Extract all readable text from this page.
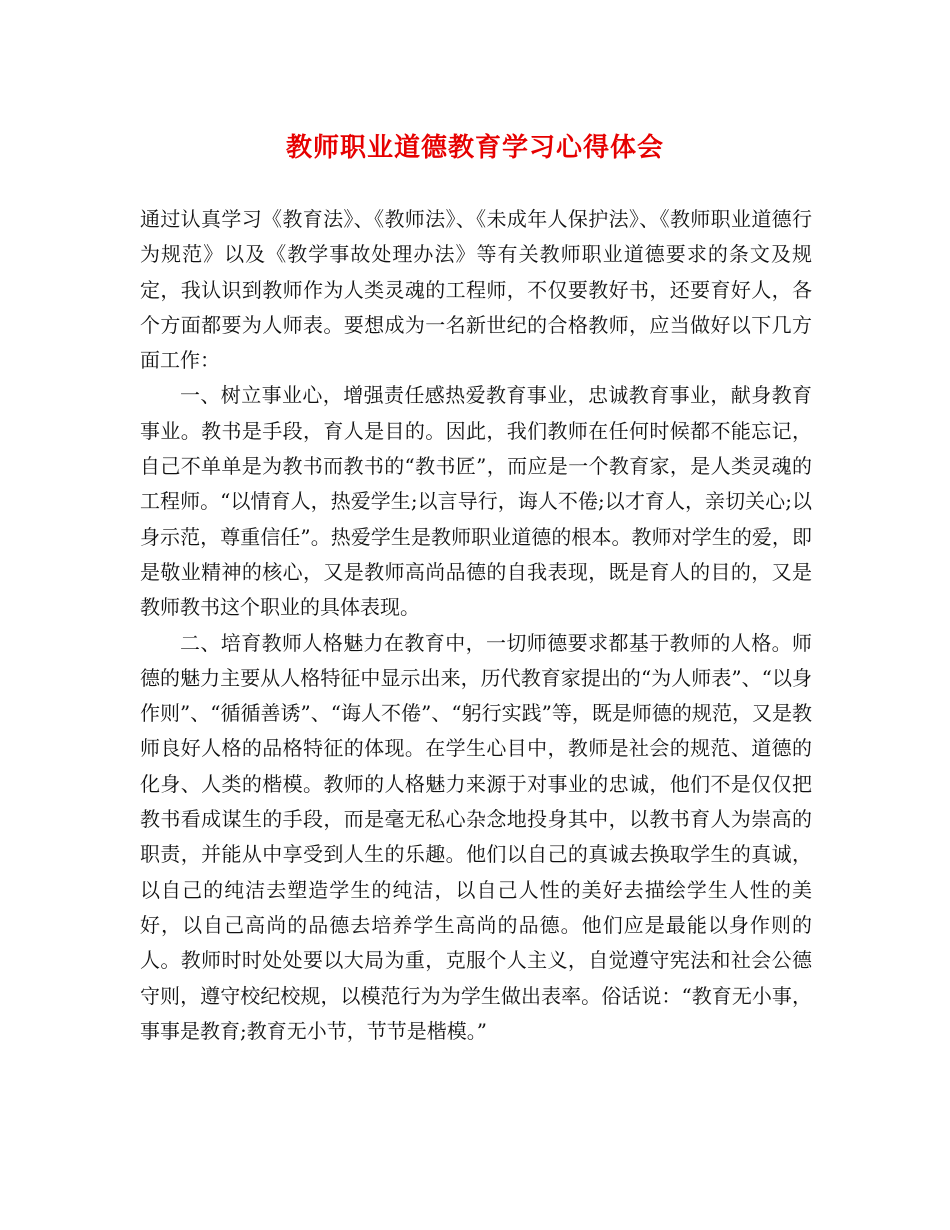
教师职业道德教育学习心得体会

通过认真学习《教育法》、《教师法》、《未成年人保护法》、《教师职业道德行为规范》以及《教学事故处理办法》等有关教师职业道德要求的条文及规定，我认识到教师作为人类灵魂的工程师，不仅要教好书，还要育好人，各个方面都要为人师表。要想成为一名新世纪的合格教师，应当做好以下几方面工作：

一、树立事业心，增强责任感热爱教育事业，忠诚教育事业，献身教育事业。教书是手段，育人是目的。因此，我们教师在任何时候都不能忘记，自己不单单是为教书而教书的“教书匠”，而应是一个教育家，是人类灵魂的工程师。“以情育人，热爱学生;以言导行，诲人不倦;以才育人，亲切关心;以身示范，尊重信任”。热爱学生是教师职业道德的根本。教师对学生的爱，即是敬业精神的核心，又是教师高尚品德的自我表现，既是育人的目的，又是教师教书这个职业的具体表现。

二、培育教师人格魅力在教育中，一切师德要求都基于教师的人格。师德的魅力主要从人格特征中显示出来，历代教育家提出的“为人师表”、“以身作则”、“循循善诱”、“诲人不倦”、“躬行实践”等，既是师德的规范，又是教师良好人格的品格特征的体现。在学生心目中，教师是社会的规范、道德的化身、人类的楷模。教师的人格魅力来源于对事业的忠诚，他们不是仅仅把教书看成谋生的手段，而是毫无私心杂念地投身其中，以教书育人为崇高的职责，并能从中享受到人生的乐趣。他们以自己的真诚去换取学生的真诚，以自己的纯洁去塑造学生的纯洁，以自己人性的美好去描绘学生人性的美好，以自己高尚的品德去培养学生高尚的品德。他们应是最能以身作则的人。教师时时处处要以大局为重，克服个人主义，自觉遵守宪法和社会公德守则，遵守校纪校规，以模范行为为学生做出表率。俗话说：“教育无小事，事事是教育;教育无小节，节节是楷模。”
